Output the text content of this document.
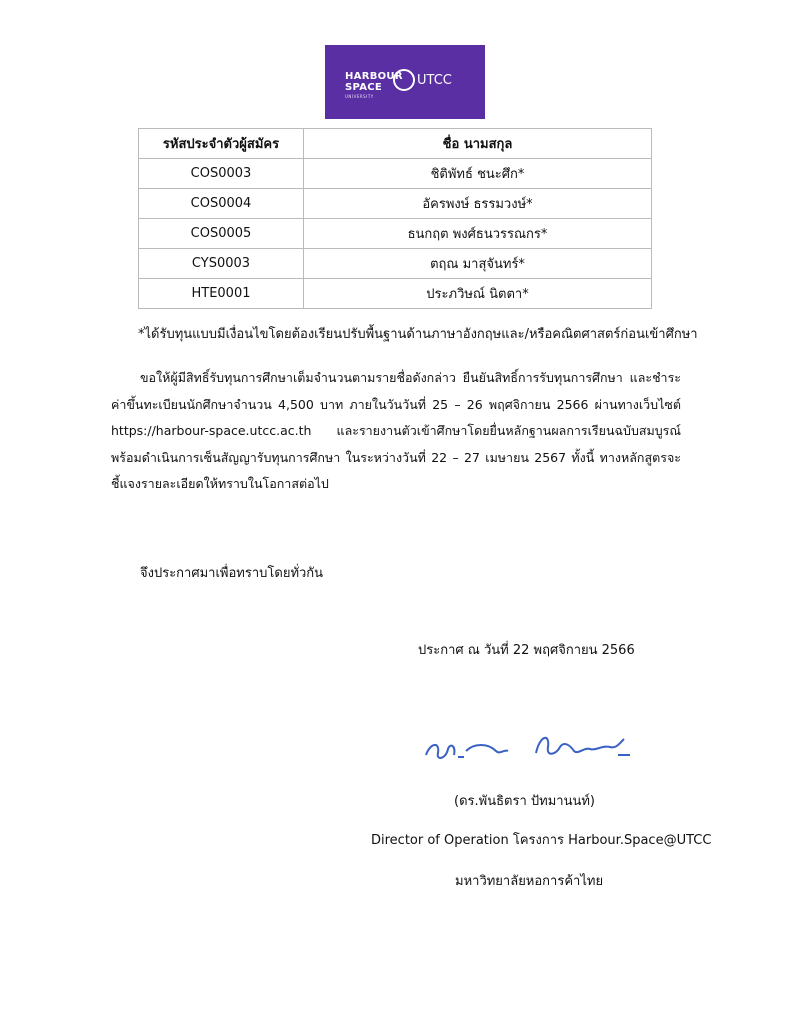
HARBOUR
SPACE
UNIVERSITY
UTCC
รหัสประจำตัวผู้สมัคร	ชื่อ นามสกุล
COS0003	ชิติพัทธ์ ชนะศึก*
COS0004	อัครพงษ์ ธรรมวงษ์*
COS0005	ธนกฤต พงศ์ธนวรรณกร*
CYS0003	ตฤณ มาสุจันทร์*
HTE0001	ประภวิษณ์ นิตตา*
*ได้รับทุนแบบมีเงื่อนไขโดยต้องเรียนปรับพื้นฐานด้านภาษาอังกฤษและ/หรือคณิตศาสตร์ก่อนเข้าศึกษา
ขอให้ผู้มีสิทธิ์รับทุนการศึกษาเต็มจำนวนตามรายชื่อดังกล่าว ยืนยันสิทธิ์การรับทุนการศึกษา และชำระค่าขึ้นทะเบียนนักศึกษาจำนวน 4,500 บาท ภายในวันวันที่ 25 – 26 พฤศจิกายน 2566 ผ่านทางเว็บไซต์ https://harbour-space.utcc.ac.th และรายงานตัวเข้าศึกษาโดยยื่นหลักฐานผลการเรียนฉบับสมบูรณ์ พร้อมดำเนินการเซ็นสัญญารับทุนการศึกษา ในระหว่างวันที่ 22 – 27 เมษายน 2567 ทั้งนี้ ทางหลักสูตรจะชี้แจงรายละเอียดให้ทราบในโอกาสต่อไป
จึงประกาศมาเพื่อทราบโดยทั่วกัน
ประกาศ ณ วันที่ 22 พฤศจิกายน 2566
(ดร.พันธิตรา ปัทมานนท์)
Director of Operation โครงการ Harbour.Space@UTCC
มหาวิทยาลัยหอการค้าไทย
